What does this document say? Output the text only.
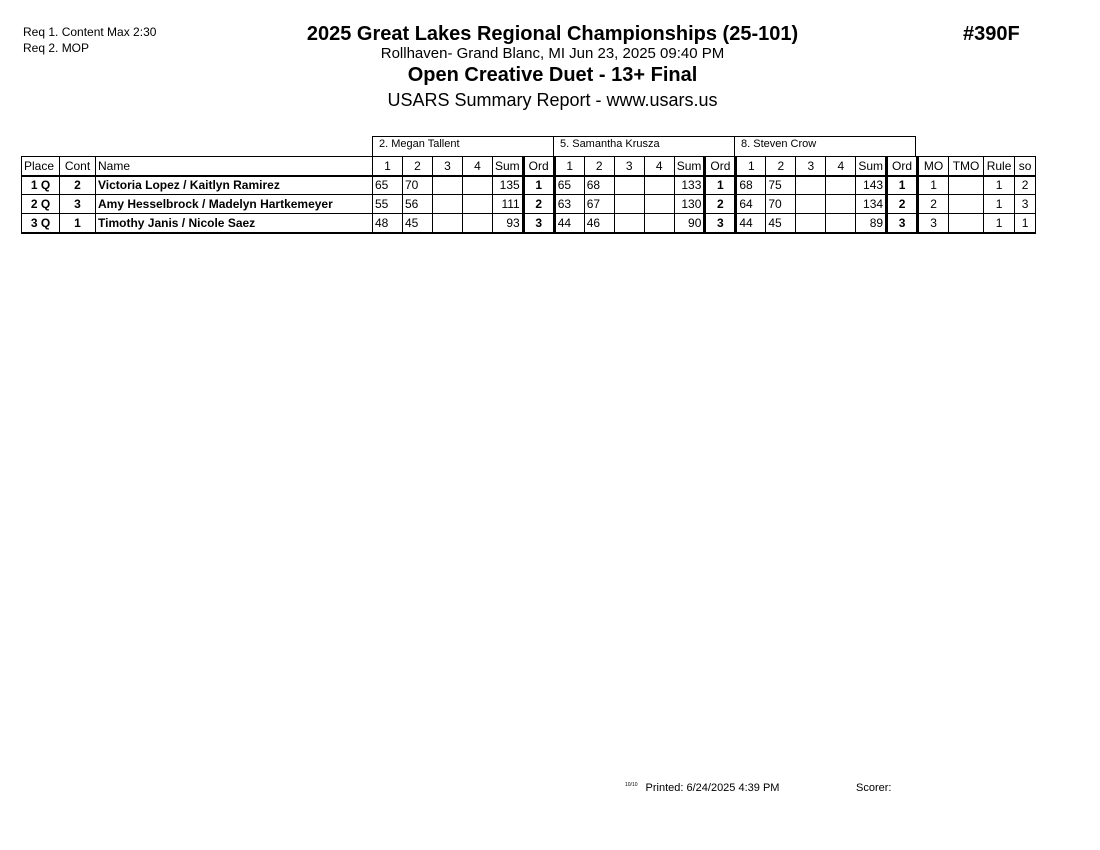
Req 1. Content Max 2:30
Req 2. MOP
2025 Great Lakes Regional Championships (25-101)
Rollhaven- Grand Blanc, MI Jun 23, 2025 09:40 PM
Open Creative Duet - 13+ Final
USARS Summary Report - www.usars.us
#390F
2. Megan Tallent	5. Samantha Krusza	8. Steven Crow
Place	Cont	Name	1	2	3	4	Sum	Ord	1	2	3	4	Sum	Ord	1	2	3	4	Sum	Ord	MO	TMO	Rule	so
1 Q	2	Victoria Lopez / Kaitlyn Ramirez	65	70			135	1	65	68			133	1	68	75			143	1	1		1	2
2 Q	3	Amy Hesselbrock / Madelyn Hartkemeyer	55	56			111	2	63	67			130	2	64	70			134	2	2		1	3
3 Q	1	Timothy Janis / Nicole Saez	48	45			93	3	44	46			90	3	44	45			89	3	3		1	1
$^{10/10}$ Printed: 6/24/2025 4:39 PM	Scorer:
